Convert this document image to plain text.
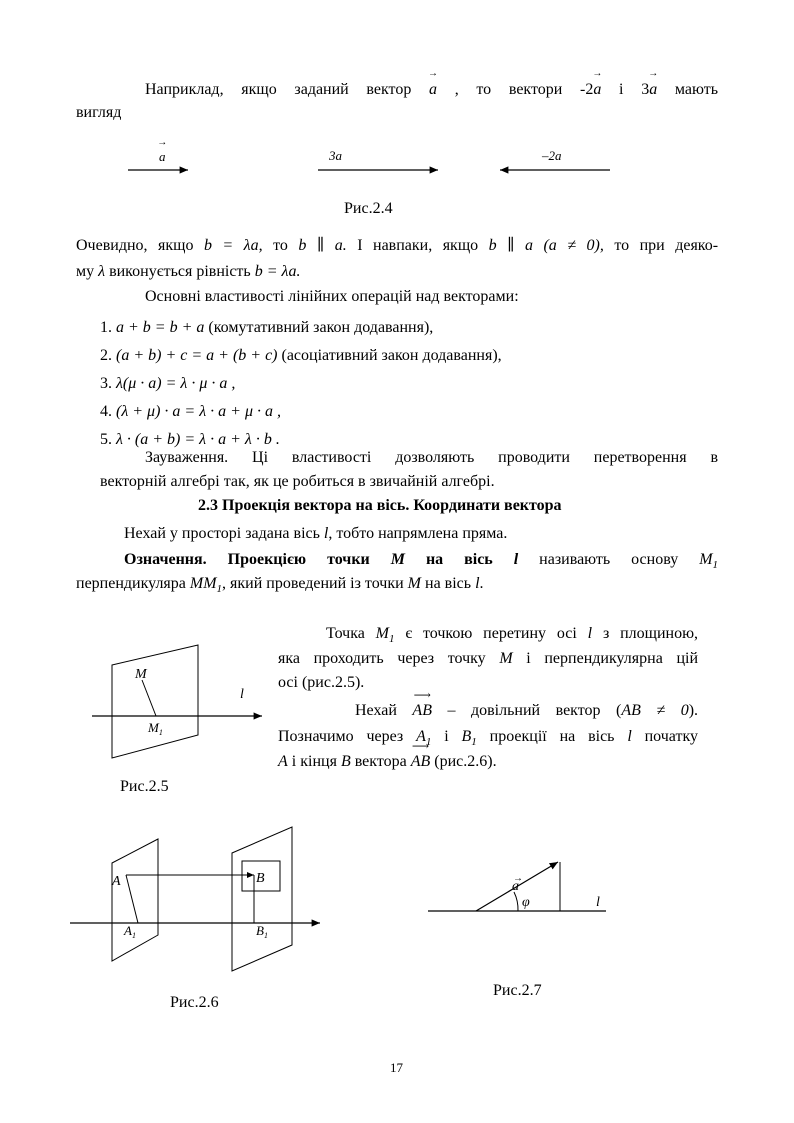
Наприклад, якщо заданий вектор → a , то вектори -2→ a і 3→ a мають
вигляд
→ a	3a	–2a
Рис.2.4
Очевидно, якщо b = λa, то b ∥ a. І навпаки, якщо b ∥ a (a ≠ 0), то при деяко-
му λ виконується рівність b = λa.
Основні властивості лінійних операцій над векторами:
1. a + b = b + a (комутативний закон додавання),
2. (a + b) + c = a + (b + c) (асоціативний закон додавання),
3. λ(μ · a) = λ · μ · a ,
4. (λ + μ) · a = λ · a + μ · a ,
5. λ · (a + b) = λ · a + λ · b .
Зауваження. Ці властивості дозволяють проводити перетворення в
векторній алгебрі так, як це робиться в звичайній алгебрі.
2.3 Проекція вектора на вісь. Координати вектора
Нехай у просторі задана вісь l, тобто напрямлена пряма.
Означення. Проекцією точки M на вісь l називають основу $M_1$
перпендикуляра $MM_1$, який проведений із точки M на вісь l.
Точка $M_1$ є точкою перетину осі l з площиною,
яка проходить через точку M і перпендикулярна цій
осі (рис.2.5).
Нехай ⟶ AB – довільний вектор (AB ≠ 0).
Позначимо через $A_1$ і $B_1$ проекції на вісь l початку
A і кінця B вектора ⟶ AB (рис.2.6).
M
$M_1$
l
Рис.2.5
A	B
$A_1$	$B_1$
Рис.2.6
a
φ	l
→
Рис.2.7
17
